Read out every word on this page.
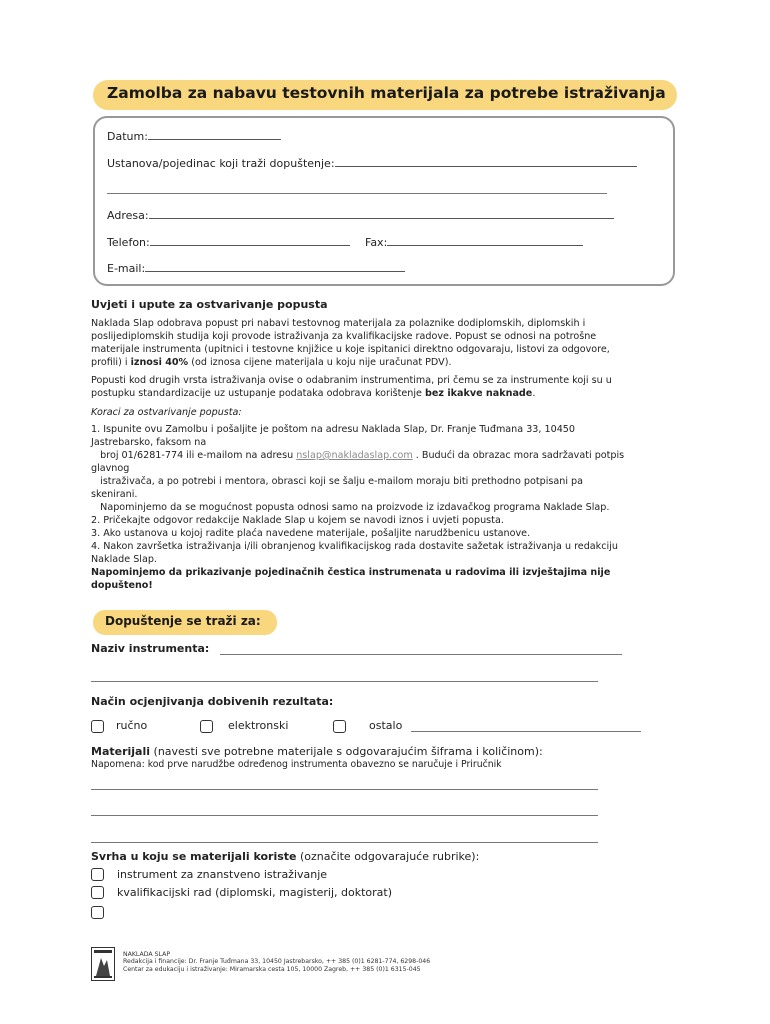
Zamolba za nabavu testovnih materijala za potrebe istraživanja
Datum:
Ustanova/pojedinac koji traži dopuštenje:
Adresa:
Telefon:	Fax:
E-mail:
Uvjeti i upute za ostvarivanje popusta
Naklada Slap odobrava popust pri nabavi testovnog materijala za polaznike dodiplomskih, diplomskih i
poslijediplomskih studija koji provode istraživanja za kvalifikacijske radove. Popust se odnosi na potrošne
materijale instrumenta (upitnici i testovne knjižice u koje ispitanici direktno odgovaraju, listovi za odgovore,
profili) i iznosi 40% (od iznosa cijene materijala u koju nije uračunat PDV).
Popusti kod drugih vrsta istraživanja ovise o odabranim instrumentima, pri čemu se za instrumente koji su u
postupku standardizacije uz ustupanje podataka odobrava korištenje bez ikakve naknade.
Koraci za ostvarivanje popusta:
1. Ispunite ovu Zamolbu i pošaljite je poštom na adresu Naklada Slap, Dr. Franje Tuđmana 33, 10450
Jastrebarsko, faksom na
broj 01/6281-774 ili e-mailom na adresu nslap@nakladaslap.com . Budući da obrazac mora sadržavati potpis
glavnog
istraživača, a po potrebi i mentora, obrasci koji se šalju e-mailom moraju biti prethodno potpisani pa
skenirani.
Napominjemo da se mogućnost popusta odnosi samo na proizvode iz izdavačkog programa Naklade Slap.
2. Pričekajte odgovor redakcije Naklade Slap u kojem se navodi iznos i uvjeti popusta.
3. Ako ustanova u kojoj radite plaća navedene materijale, pošaljite narudžbenicu ustanove.
4. Nakon završetka istraživanja i/ili obranjenog kvalifikacijskog rada dostavite sažetak istraživanja u redakciju
Naklade Slap.
Napominjemo da prikazivanje pojedinačnih čestica instrumenata u radovima ili izvještajima nije
dopušteno!
Dopuštenje se traži za:
Naziv instrumenta:
Način ocjenjivanja dobivenih rezultata:
ručno	elektronski	ostalo
Materijali (navesti sve potrebne materijale s odgovarajućim šiframa i količinom):
Napomena: kod prve narudžbe određenog instrumenta obavezno se naručuje i Priručnik
Svrha u koju se materijali koriste (označite odgovarajuće rubrike):
instrument za znanstveno istraživanje
kvalifikacijski rad (diplomski, magisterij, doktorat)
NAKLADA SLAP
Redakcija i financije: Dr. Franje Tuđmana 33, 10450 Jastrebarsko, ++ 385 (0)1 6281-774, 6298-046
Centar za edukaciju i istraživanje: Miramarska cesta 105, 10000 Zagreb, ++ 385 (0)1 6315-045
